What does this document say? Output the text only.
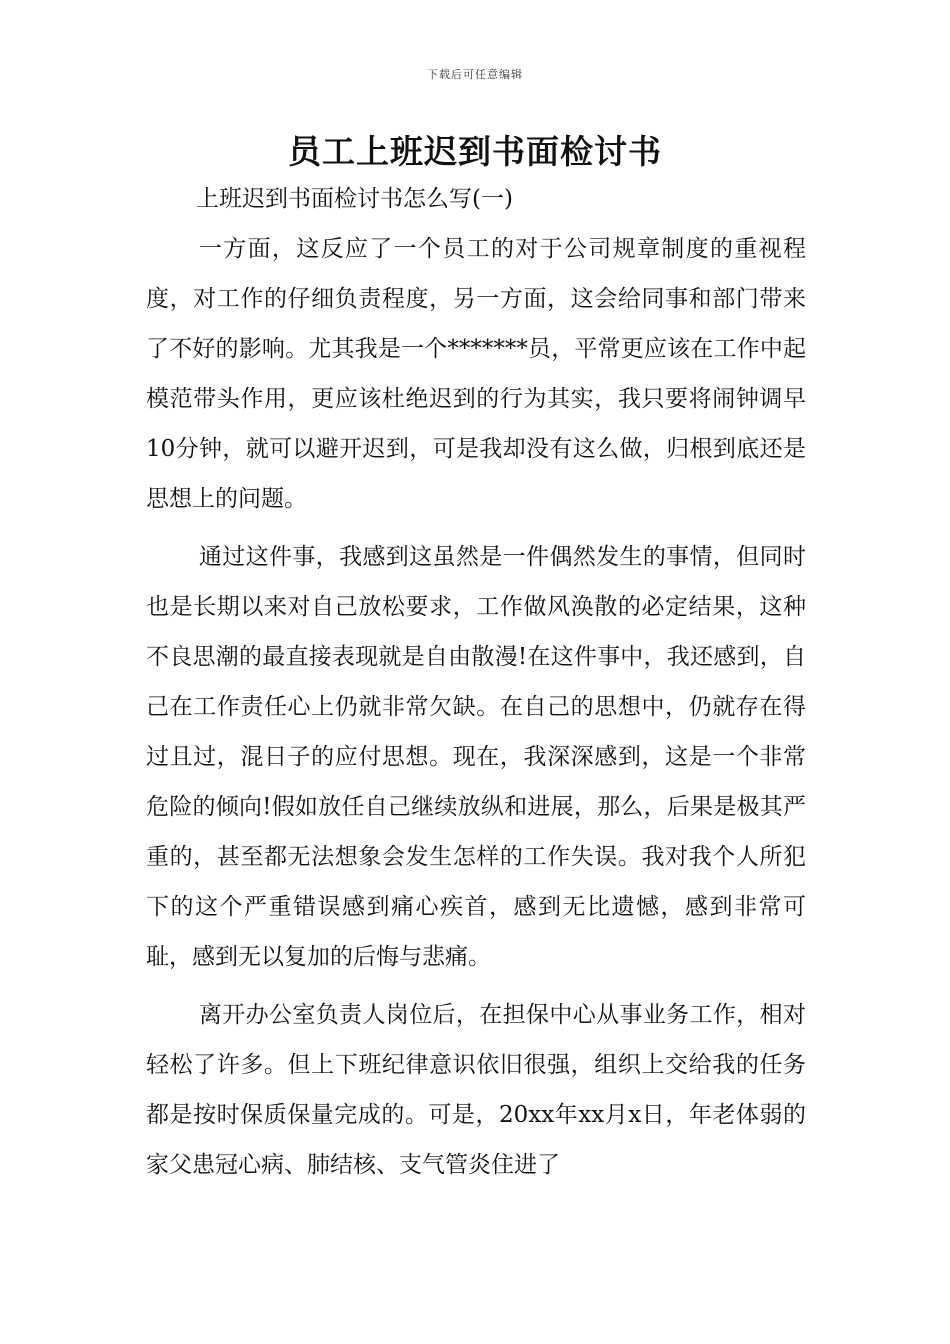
下载后可任意编辑
员工上班迟到书面检讨书
上班迟到书面检讨书怎么写(一)

一方面，这反应了一个员工的对于公司规章制度的重视程度，对工作的仔细负责程度，另一方面，这会给同事和部门带来了不好的影响。尤其我是一个*******员，平常更应该在工作中起模范带头作用，更应该杜绝迟到的行为其实，我只要将闹钟调早10分钟，就可以避开迟到，可是我却没有这么做，归根到底还是思想上的问题。

通过这件事，我感到这虽然是一件偶然发生的事情，但同时也是长期以来对自己放松要求，工作做风涣散的必定结果，这种不良思潮的最直接表现就是自由散漫!在这件事中，我还感到，自己在工作责任心上仍就非常欠缺。在自己的思想中，仍就存在得过且过，混日子的应付思想。现在，我深深感到，这是一个非常危险的倾向!假如放任自己继续放纵和进展，那么，后果是极其严重的，甚至都无法想象会发生怎样的工作失误。我对我个人所犯下的这个严重错误感到痛心疾首，感到无比遗憾，感到非常可耻，感到无以复加的后悔与悲痛。

离开办公室负责人岗位后，在担保中心从事业务工作，相对轻松了许多。但上下班纪律意识依旧很强，组织上交给我的任务都是按时保质保量完成的。可是，20xx年xx月x日，年老体弱的家父患冠心病、肺结核、支气管炎住进了
